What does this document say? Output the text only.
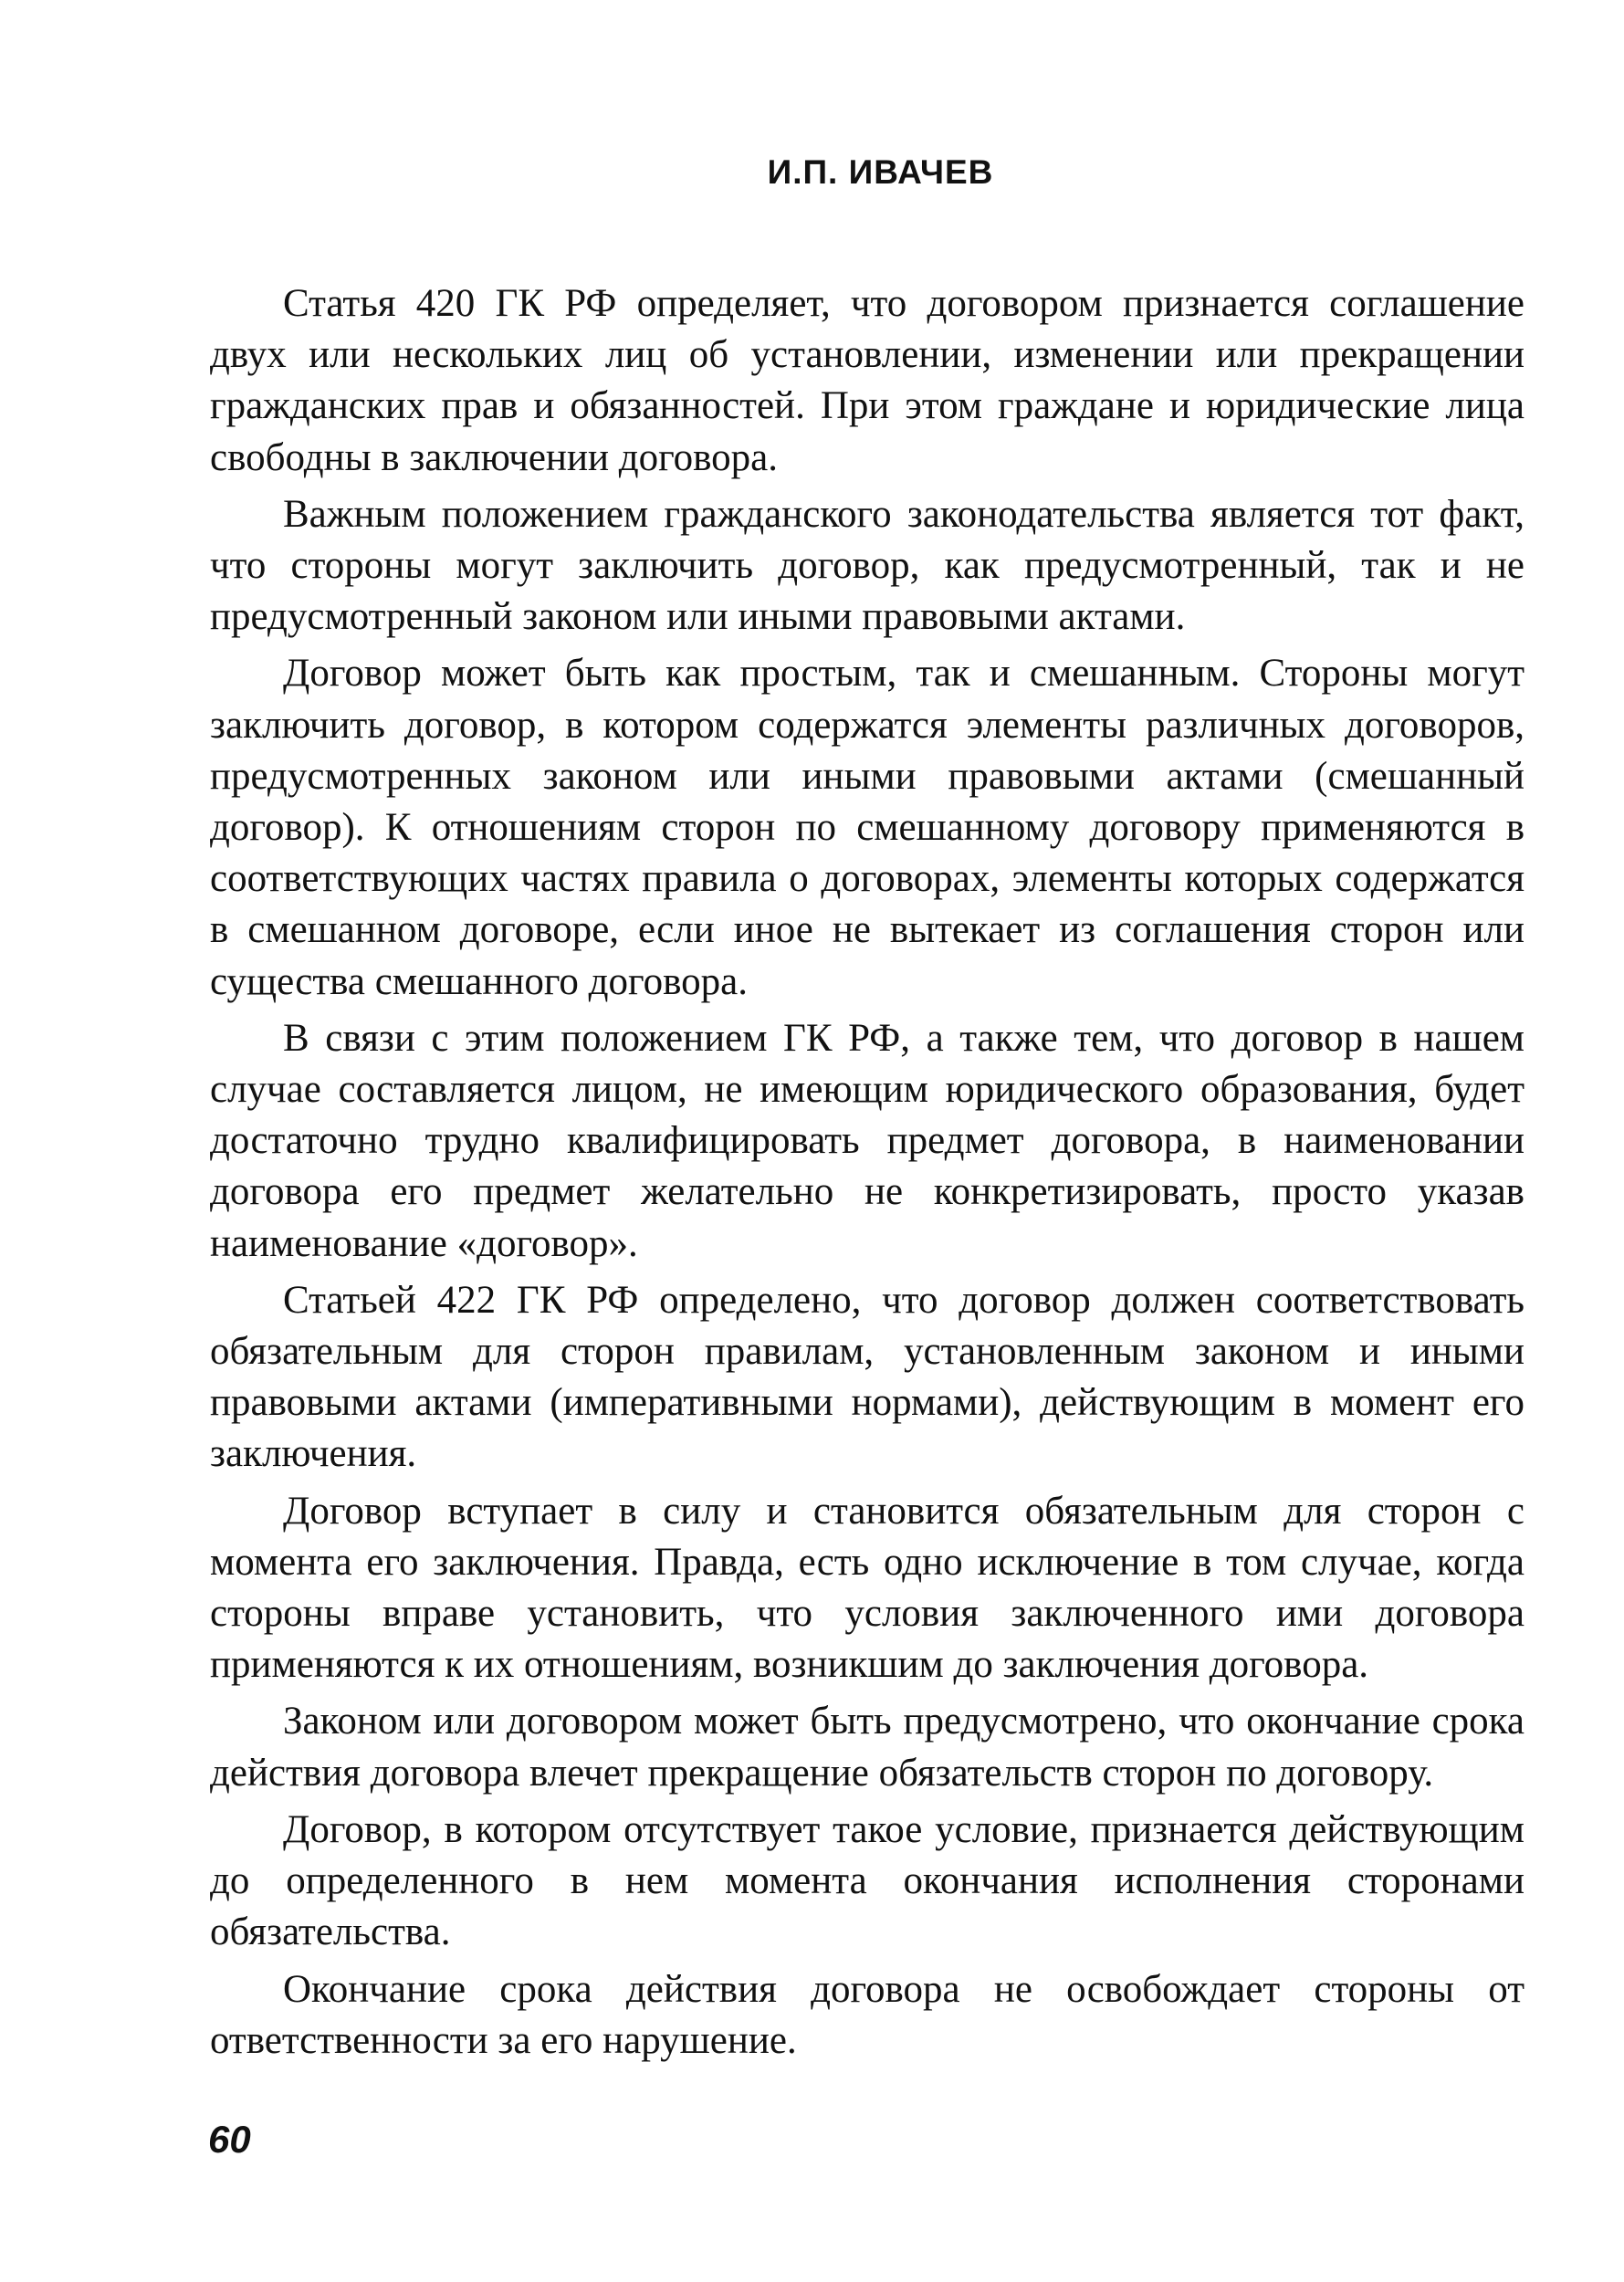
И.П. ИВАЧЕВ

Статья 420 ГК РФ определяет, что договором признается соглашение двух или нескольких лиц об установлении, изменении или прекращении гражданских прав и обязанностей. При этом граждане и юридические лица свободны в заключении договора.

Важным положением гражданского законодательства является тот факт, что стороны могут заключить договор, как предусмотренный, так и не предусмотренный законом или иными правовыми актами.

Договор может быть как простым, так и смешанным. Стороны могут заключить договор, в котором содержатся элементы различных договоров, предусмотренных законом или иными правовыми актами (смешанный договор). К отношениям сторон по смешанному договору применяются в соответствующих частях правила о договорах, элементы которых содержатся в смешанном договоре, если иное не вытекает из соглашения сторон или существа смешанного договора.

В связи с этим положением ГК РФ, а также тем, что договор в нашем случае составляется лицом, не имеющим юридического образования, будет достаточно трудно квалифицировать предмет договора, в наименовании договора его предмет желательно не конкретизировать, просто указав наименование «договор».

Статьей 422 ГК РФ определено, что договор должен соответствовать обязательным для сторон правилам, установленным законом и иными правовыми актами (императивными нормами), действующим в момент его заключения.

Договор вступает в силу и становится обязательным для сторон с момента его заключения. Правда, есть одно исключение в том случае, когда стороны вправе установить, что условия заключенного ими договора применяются к их отношениям, возникшим до заключения договора.

Законом или договором может быть предусмотрено, что окончание срока действия договора влечет прекращение обязательств сторон по договору.

Договор, в котором отсутствует такое условие, признается действующим до определенного в нем момента окончания исполнения сторонами обязательства.

Окончание срока действия договора не освобождает стороны от ответственности за его нарушение.

60
